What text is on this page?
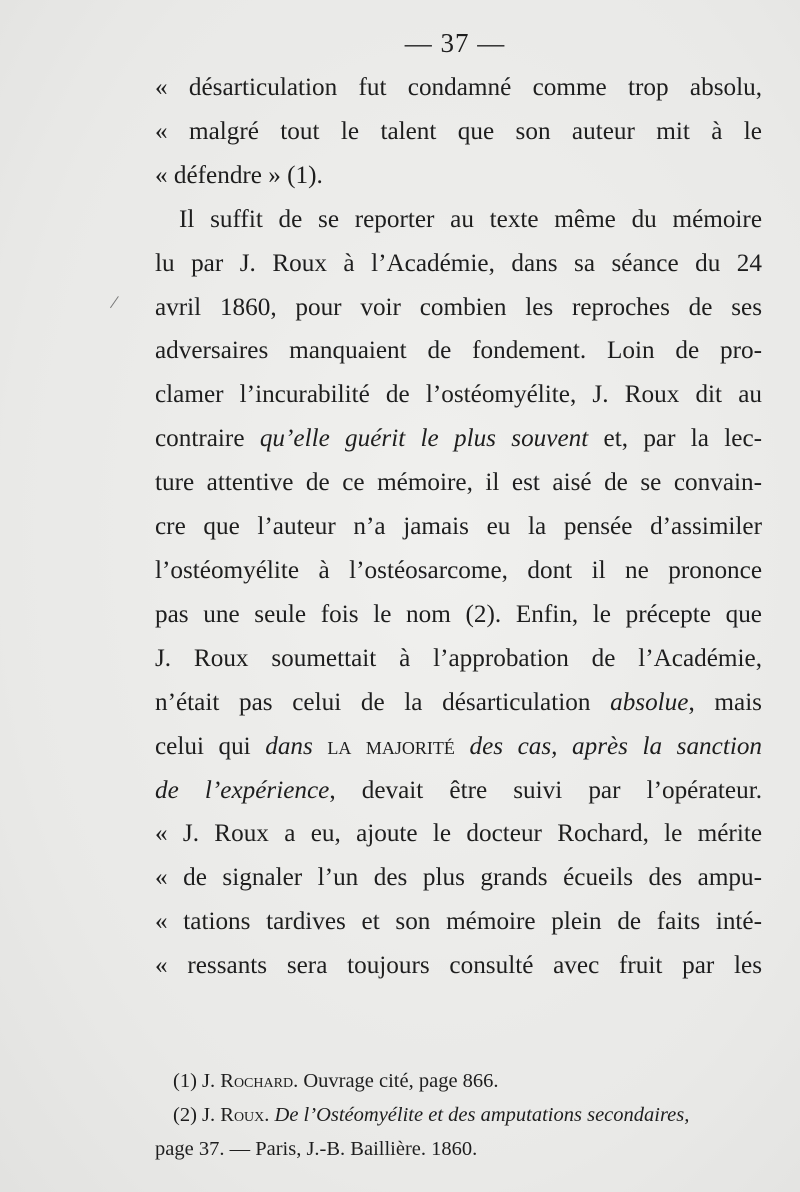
— 37 —
« désarticulation fut condamné comme trop absolu,
« malgré tout le talent que son auteur mit à le
« défendre » (1).
Il suffit de se reporter au texte même du mémoire
lu par J. Roux à l’Académie, dans sa séance du 24
avril 1860, pour voir combien les reproches de ses
adversaires manquaient de fondement. Loin de pro-
clamer l’incurabilité de l’ostéomyélite, J. Roux dit au
contraire qu’elle guérit le plus souvent et, par la lec-
ture attentive de ce mémoire, il est aisé de se convain-
cre que l’auteur n’a jamais eu la pensée d’assimiler
l’ostéomyélite à l’ostéosarcome, dont il ne prononce
pas une seule fois le nom (2). Enfin, le précepte que
J. Roux soumettait à l’approbation de l’Académie,
n’était pas celui de la désarticulation absolue, mais
celui qui dans la majorité des cas, après la sanction
de l’expérience, devait être suivi par l’opérateur.
« J. Roux a eu, ajoute le docteur Rochard, le mérite
« de signaler l’un des plus grands écueils des ampu-
« tations tardives et son mémoire plein de faits inté-
« ressants sera toujours consulté avec fruit par les
(1) J. Rochard. Ouvrage cité, page 866.
(2) J. Roux. De l’Ostéomyélite et des amputations secondaires,
page 37. — Paris, J.-B. Baillière. 1860.
